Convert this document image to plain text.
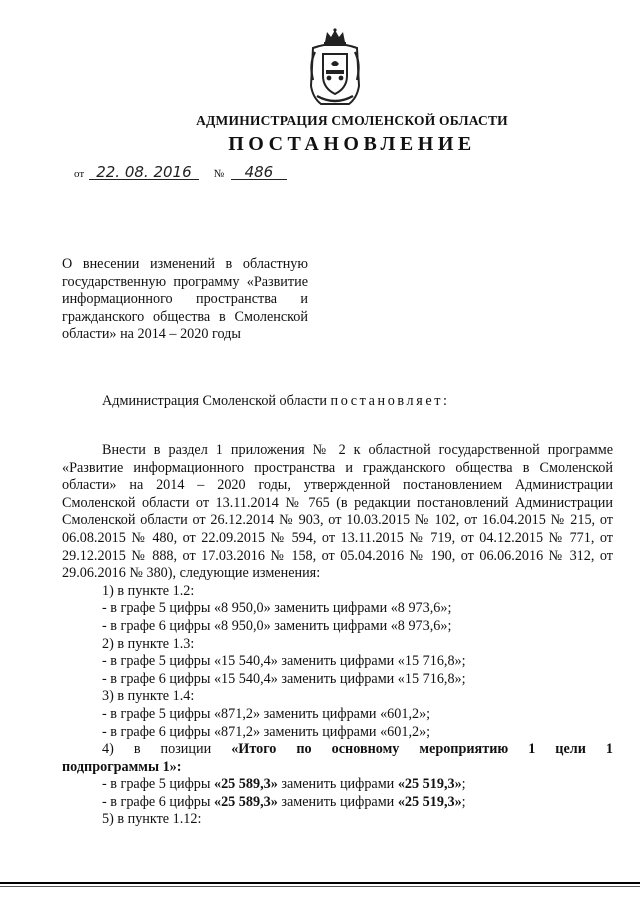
АДМИНИСТРАЦИЯ СМОЛЕНСКОЙ ОБЛАСТИ
ПОСТАНОВЛЕНИЕ
от 22. 08. 2016 № 486
О внесении изменений в областную государственную программу «Развитие информационного пространства и гражданского общества в Смоленской области» на 2014 – 2020 годы
Администрация Смоленской области постановляет:

Внести в раздел 1 приложения № 2 к областной государственной программе «Развитие информационного пространства и гражданского общества в Смоленской области» на 2014 – 2020 годы, утвержденной постановлением Администрации Смоленской области от 13.11.2014 № 765 (в редакции постановлений Администрации Смоленской области от 26.12.2014 № 903, от 10.03.2015 № 102, от 16.04.2015 № 215, от 06.08.2015 № 480, от 22.09.2015 № 594, от 13.11.2015 № 719, от 04.12.2015 № 771, от 29.12.2015 № 888, от 17.03.2016 № 158, от 05.04.2016 № 190, от 06.06.2016 № 312, от 29.06.2016 № 380), следующие изменения:

1) в пункте 1.2:

- в графе 5 цифры «8 950,0» заменить цифрами «8 973,6»;

- в графе 6 цифры «8 950,0» заменить цифрами «8 973,6»;

2) в пункте 1.3:

- в графе 5 цифры «15 540,4» заменить цифрами «15 716,8»;

- в графе 6 цифры «15 540,4» заменить цифрами «15 716,8»;

3) в пункте 1.4:

- в графе 5 цифры «871,2» заменить цифрами «601,2»;

- в графе 6 цифры «871,2» заменить цифрами «601,2»;

4) в позиции «Итого по основному мероприятию 1 цели 1

подпрограммы 1»:

- в графе 5 цифры «25 589,3» заменить цифрами «25 519,3»;

- в графе 6 цифры «25 589,3» заменить цифрами «25 519,3»;

5) в пункте 1.12:
